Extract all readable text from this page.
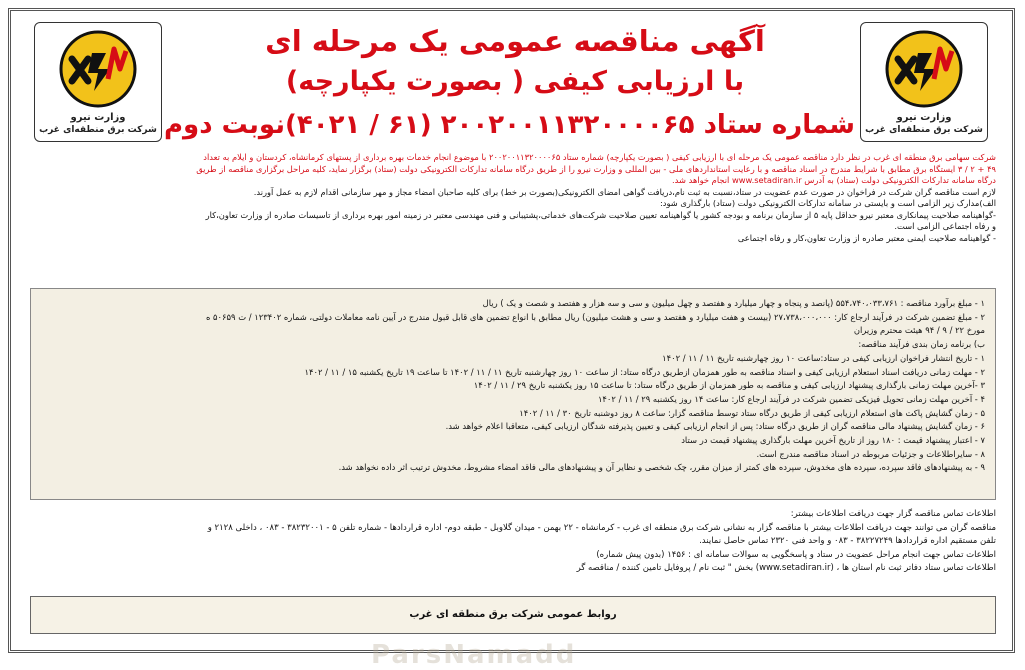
وزارت نیرو
شرکت برق منطقه‌ای غرب
وزارت نیرو
شرکت برق منطقه‌ای غرب
آگهی مناقصه عمومی یک مرحله ای
با ارزیابی کیفی ( بصورت یکپارچه)
شماره ستاد ۲۰۰۲۰۰۱۱۳۲۰۰۰۰۶۵ (۶۱ / ۴۰۲۱)نوبت دوم
شرکت سهامی برق منطقه ای غرب در نظر دارد مناقصه عمومی یک مرحله ای با ارزیابی کیفی ( بصورت یکپارچه) شماره ستاد ۲۰۰۲۰۰۱۱۳۲۰۰۰۰۶۵ با موضوع انجام خدمات بهره برداری از پستهای کرمانشاه، کردستان و ایلام به تعداد
۴۹ + ۲ / ۳ ایستگاه برق مطابق با شرایط مندرج در اسناد مناقصه و با رعایت استانداردهای ملی - بین المللی و وزارت نیرو را از طریق درگاه سامانه تدارکات الکترونیکی دولت (ستاد) برگزار نماید، کلیه مراحل برگزاری مناقصه از طریق
درگاه سامانه تدارکات الکترونیکی دولت (ستاد) به آدرس www.setadiran.ir انجام خواهد شد.
لازم است مناقصه گران شرکت در فراخوان در صورت عدم عضویت در ستاد،نسبت به ثبت نام،دریافت گواهی امضای الکترونیکی(بصورت بر خط) برای کلیه صاحبان امضاء مجاز و مهر سازمانی اقدام لازم به عمل آورند.
الف)مدارک زیر الزامی است و بایستی در سامانه تدارکات الکترونیکی دولت (ستاد) بارگذاری شود:
-گواهینامه صلاحیت پیمانکاری معتبر نیرو حداقل پایه ۵ از سازمان برنامه و بودجه کشور یا گواهینامه تعیین صلاحیت شرکت‌های خدماتی،پشتیبانی و فنی مهندسی معتبر در زمینه امور بهره برداری از تاسیسات صادره از وزارت تعاون،کار
و رفاه اجتماعی الزامی است.
- گواهینامه صلاحیت ایمنی معتبر صادره از وزارت تعاون،کار و رفاه اجتماعی
۱ - مبلغ برآورد مناقصه : ۵۵۴،۷۴۰،۰۳۳،۷۶۱ (پانصد و پنجاه و چهار میلیارد و هفتصد و چهل میلیون و سی و سه هزار و هفتصد و شصت و یک ) ریال
۲ - مبلغ تضمین شرکت در فرآیند ارجاع کار: ۲۷،۷۳۸،۰۰۰،۰۰۰ (بیست و هفت میلیارد و هفتصد و سی و هشت میلیون) ریال مطابق با انواع تضمین های قابل قبول مندرج در آیین نامه معاملات دولتی، شماره ۱۲۳۴۰۲ / ت ۵۰۶۵۹ ه
مورخ ۲۲ / ۹ / ۹۴ هیئت محترم وزیران
ب) برنامه زمان بندی فرآیند مناقصه:
۱ - تاریخ انتشار فراخوان ارزیابی کیفی در ستاد:ساعت ۱۰ روز چهارشنبه تاریخ ۱۱ / ۱۱ / ۱۴۰۲
۲ - مهلت زمانی دریافت اسناد استعلام ارزیابی کیفی و اسناد مناقصه به طور همزمان ازطریق درگاه ستاد: از ساعت ۱۰ روز چهارشنبه تاریخ ۱۱ / ۱۱ / ۱۴۰۲ تا ساعت ۱۹ تاریخ یکشنبه ۱۵ / ۱۱ / ۱۴۰۲
۳ -آخرین مهلت زمانی بارگذاری پیشنهاد ارزیابی کیفی و مناقصه به طور همزمان از طریق درگاه ستاد: تا ساعت ۱۵ روز یکشنبه تاریخ ۲۹ / ۱۱ / ۱۴۰۲
۴ - آخرین مهلت زمانی تحویل فیزیکی تضمین شرکت در فرآیند ارجاع کار: ساعت ۱۴ روز یکشنبه ۲۹ / ۱۱ / ۱۴۰۲
۵ - زمان گشایش پاکت های استعلام ارزیابی کیفی از طریق درگاه ستاد توسط مناقصه گزار: ساعت ۸ روز دوشنبه تاریخ ۳۰ / ۱۱ / ۱۴۰۲
۶ - زمان گشایش پیشنهاد مالی مناقصه گران از طریق درگاه ستاد: پس از انجام ارزیابی کیفی و تعیین پذیرفته شدگان ارزیابی کیفی، متعاقبا اعلام خواهد شد.
۷ - اعتبار پیشنهاد قیمت : ۱۸۰ روز از تاریخ آخرین مهلت بارگذاری پیشنهاد قیمت در ستاد
۸ - سایراطلاعات و جزئیات مربوطه در اسناد مناقصه مندرج است.
۹ - به پیشنهادهای فاقد سپرده، سپرده های مخدوش، سپرده های کمتر از میزان مقرر، چک شخصی و نظایر آن و پیشنهادهای مالی فاقد امضاء مشروط، مخدوش ترتیب اثر داده نخواهد شد.
ParsNamadd
اطلاعات تماس مناقصه گزار جهت دریافت اطلاعات بیشتر:
مناقصه گران می توانند جهت دریافت اطلاعات بیشتر با مناقصه گزار به نشانی شرکت برق منطقه ای غرب - کرمانشاه - ۲۲ بهمن - میدان گلاوبل - طبقه دوم- اداره قراردادها - شماره تلفن ۵ - ۳۸۲۳۲۰۰۱ - ۰۸۳ ، داخلی ۲۱۲۸ و
تلفن مستقیم اداره قراردادها ۳۸۲۲۷۲۴۹ - ۰۸۳ و واحد فنی ۲۳۲۰ تماس حاصل نمایند.
اطلاعات تماس جهت انجام مراحل عضویت در ستاد و پاسخگویی به سوالات سامانه ای : ۱۴۵۶ (بدون پیش شماره)
اطلاعات تماس ستاد دفاتر ثبت نام استان ها ، (www.setadiran.ir) بخش " ثبت نام / پروفایل تامین کننده / مناقصه گر
روابط عمومی شرکت برق منطقه ای غرب
